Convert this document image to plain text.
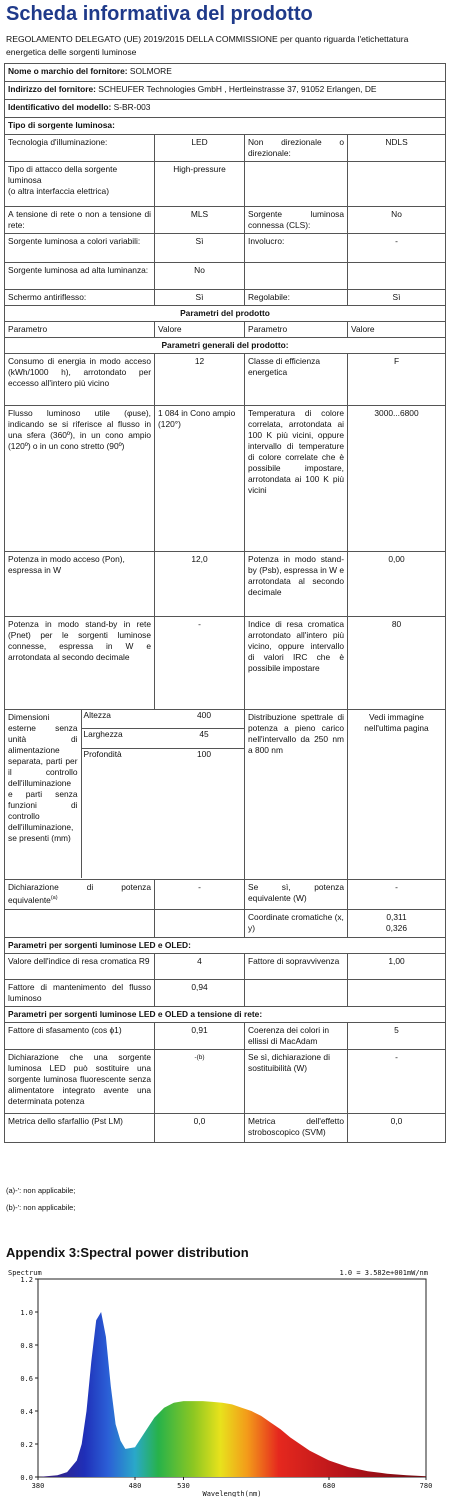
Scheda informativa del prodotto
REGOLAMENTO DELEGATO (UE) 2019/2015 DELLA COMMISSIONE per quanto riguarda l'etichettatura energetica delle sorgenti luminose
Nome o marchio del fornitore: SOLMORE
Indirizzo del fornitore: SCHEUFER Technologies GmbH , Hertleinstrasse 37, 91052 Erlangen, DE
Identificativo del modello: S-BR-003
Tipo di sorgente luminosa:
Tecnologia d'illuminazione:	LED	Non direzionale o direzionale:	NDLS
Tipo di attacco della sorgente luminosa
(o altra interfaccia elettrica)	High-pressure		
A tensione di rete o non a tensione di rete:	MLS	Sorgente luminosa connessa (CLS):	No
Sorgente luminosa a colori variabili:	Sì	Involucro:	-
Sorgente luminosa ad alta luminanza:	No		
Schermo antiriflesso:	Sì	Regolabile:	Sì
Parametri del prodotto
Parametro	Valore	Parametro	Valore
Parametri generali del prodotto:
Consumo di energia in modo acceso (kWh/1000 h), arrotondato per eccesso all'intero più vicino	12	Classe di efficienza energetica	F
Flusso luminoso utile (φuse), indicando se si riferisce al flusso in una sfera (360º), in un cono ampio (120º) o in un cono stretto (90º)	1 084 in Cono ampio (120°)	Temperatura di colore correlata, arrotondata ai 100 K più vicini, oppure intervallo di temperature di colore correlate che è possibile impostare, arrotondata ai 100 K più vicini	3000...6800
Potenza in modo acceso (Pon), espressa in W	12,0	Potenza in modo stand-by (Psb), espressa in W e arrotondata al secondo decimale	0,00
Potenza in modo stand-by in rete (Pnet) per le sorgenti luminose connesse, espressa in W e arrotondata al secondo decimale	-	Indice di resa cromatica arrotondato all'intero più vicino, oppure intervallo di valori IRC che è possibile impostare	80

Dimensioni esterne senza unità di alimentazione separata, parti per il controllo dell'illuminazione e parti senza funzioni di controllo dell'illuminazione, se presenti (mm)	Altezza	400
Larghezza	45
Profondità	100
	Distribuzione spettrale di potenza a pieno carico nell'intervallo da 250 nm a 800 nm	Vedi immagine nell'ultima pagina
Dichiarazione di potenza equivalente$^{(a)}$	-	Se sì, potenza equivalente (W)	-
		Coordinate cromatiche (x, y)	0,311
0,326
Parametri per sorgenti luminose LED e OLED:
Valore dell'indice di resa cromatica R9	4	Fattore di sopravvivenza	1,00
Fattore di mantenimento del flusso luminoso	0,94		
Parametri per sorgenti luminose LED e OLED a tensione di rete:
Fattore di sfasamento (cos ϕ1)	0,91	Coerenza dei colori in ellissi di MacAdam	5
Dichiarazione che una sorgente luminosa LED può sostituire una sorgente luminosa fluorescente senza alimentatore integrato avente una determinata potenza	-(b)	Se sì, dichiarazione di sostituibilità (W)	-
Metrica dello sfarfallio (Pst LM)	0,0	Metrica dell'effetto stroboscopico (SVM)	0,0
(a)-': non applicabile;
(b)-': non applicabile;
Appendix 3:Spectral power distribution
0.0
0.2
0.4
0.6
0.8
1.0
1.2
380	480	530	680	780
Spectrum
Wavelength(nm)
1.0 = 3.582e+001mW/nm
